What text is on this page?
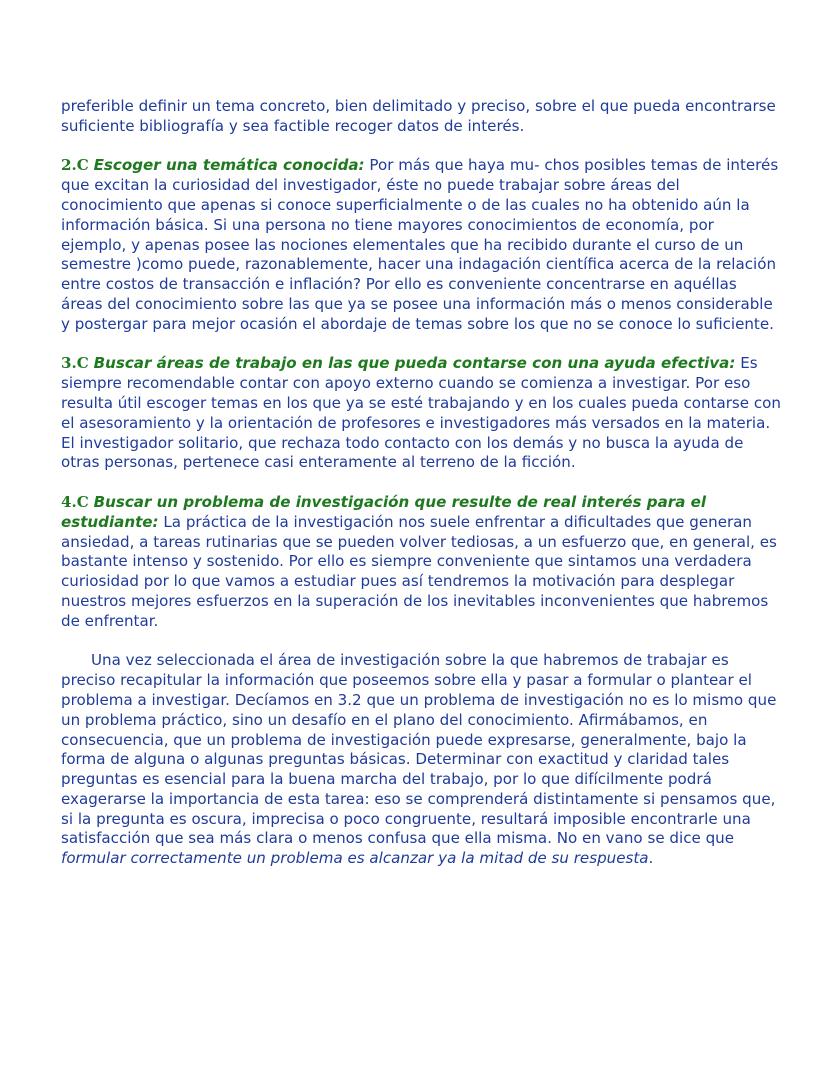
preferible definir un tema concreto, bien delimitado y preciso, sobre el que pueda encontrarse suficiente bibliografía y sea factible recoger datos de interés.

2.C Escoger una temática conocida: Por más que haya mu- chos posibles temas de interés que excitan la curiosidad del investigador, éste no puede trabajar sobre áreas del conocimiento que apenas si conoce superficialmente o de las cuales no ha obtenido aún la información básica. Si una persona no tiene mayores conocimientos de economía, por ejemplo, y apenas posee las nociones elementales que ha recibido durante el curso de un semestre )como puede, razonablemente, hacer una indagación científica acerca de la relación entre costos de transacción e inflación? Por ello es conveniente concentrarse en aquéllas áreas del conocimiento sobre las que ya se posee una información más o menos considerable y postergar para mejor ocasión el abordaje de temas sobre los que no se conoce lo suficiente.

3.C Buscar áreas de trabajo en las que pueda contarse con una ayuda efectiva: Es siempre recomendable contar con apoyo externo cuando se comienza a investigar. Por eso resulta útil escoger temas en los que ya se esté trabajando y en los cuales pueda contarse con el asesoramiento y la orientación de profesores e investigadores más versados en la materia. El investigador solitario, que rechaza todo contacto con los demás y no busca la ayuda de otras personas, pertenece casi enteramente al terreno de la ficción.

4.C Buscar un problema de investigación que resulte de real interés para el estudiante: La práctica de la investigación nos suele enfrentar a dificultades que generan ansiedad, a tareas rutinarias que se pueden volver tediosas, a un esfuerzo que, en general, es bastante intenso y sostenido. Por ello es siempre conveniente que sintamos una verdadera curiosidad por lo que vamos a estudiar pues así tendremos la motivación para desplegar nuestros mejores esfuerzos en la superación de los inevitables inconvenientes que habremos de enfrentar.

Una vez seleccionada el área de investigación sobre la que habremos de trabajar es preciso recapitular la información que poseemos sobre ella y pasar a formular o plantear el problema a investigar. Decíamos en 3.2 que un problema de investigación no es lo mismo que un problema práctico, sino un desafío en el plano del conocimiento. Afirmábamos, en consecuencia, que un problema de investigación puede expresarse, generalmente, bajo la forma de alguna o algunas preguntas básicas. Determinar con exactitud y claridad tales preguntas es esencial para la buena marcha del trabajo, por lo que difícilmente podrá exagerarse la importancia de esta tarea: eso se comprenderá distintamente si pensamos que, si la pregunta es oscura, imprecisa o poco congruente, resultará imposible encontrarle una satisfacción que sea más clara o menos confusa que ella misma. No en vano se dice que formular correctamente un problema es alcanzar ya la mitad de su respuesta.
